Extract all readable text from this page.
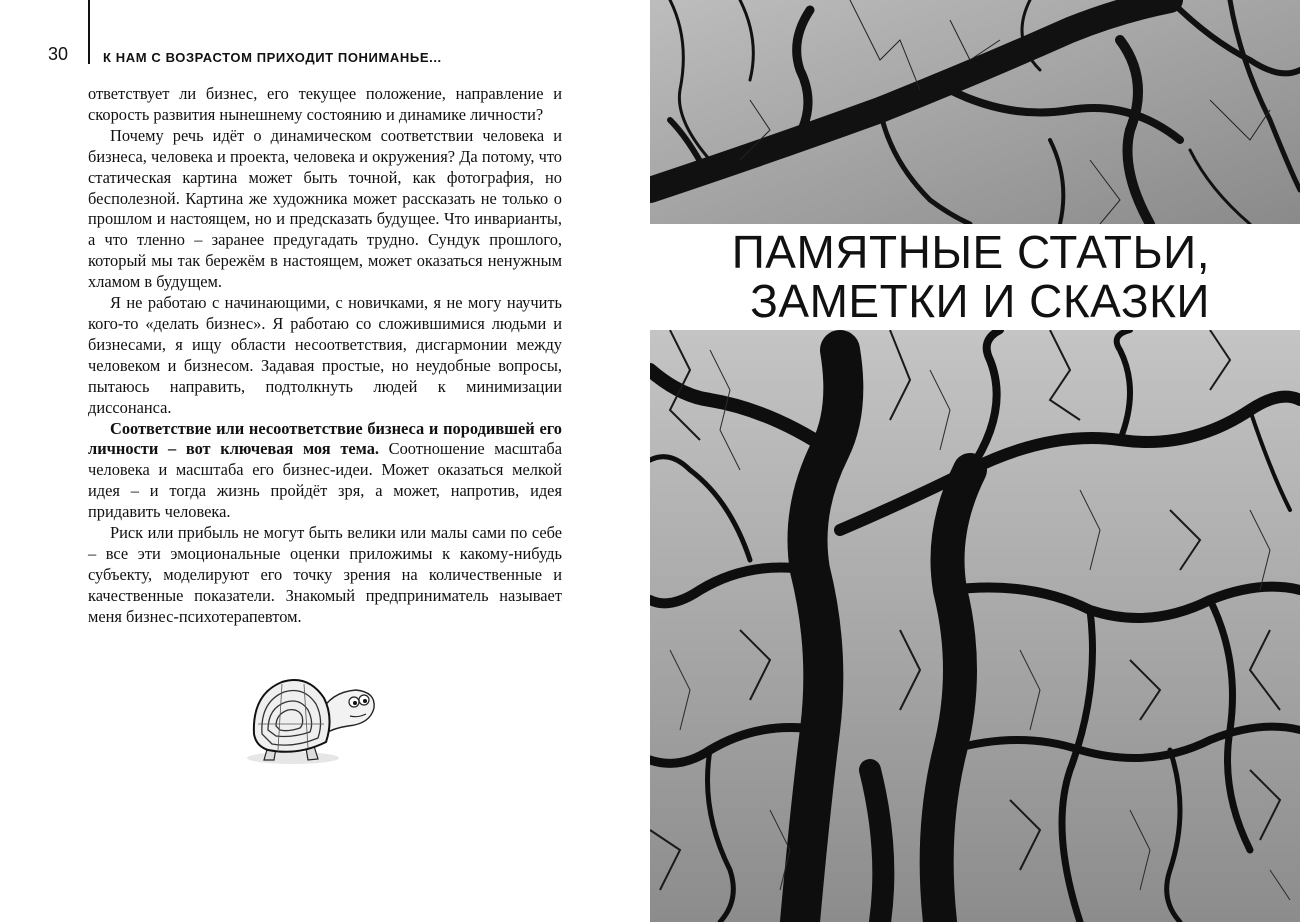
30	К НАМ С ВОЗРАСТОМ ПРИХОДИТ ПОНИМАНЬЕ...

ответствует ли бизнес, его текущее положение, направление и скорость развития нынешнему состоянию и динамике личности?

Почему речь идёт о динамическом соответствии человека и бизнеса, человека и проекта, человека и окружения? Да потому, что статическая картина может быть точной, как фотография, но бесполезной. Картина же художника может рассказать не только о прошлом и настоящем, но и предсказать будущее. Что инварианты, а что тленно – заранее предугадать трудно. Сундук прошлого, который мы так бережём в настоящем, может оказаться ненужным хламом в будущем.

Я не работаю с начинающими, с новичками, я не могу научить кого-то «делать бизнес». Я работаю со сложившимися людьми и бизнесами, я ищу области несоответствия, дисгармонии между человеком и бизнесом. Задавая простые, но неудобные вопросы, пытаюсь направить, подтолкнуть людей к минимизации диссонанса.

Соответствие или несоответствие бизнеса и породившей его личности – вот ключевая моя тема. Соотношение масштаба человека и масштаба его бизнес-идеи. Может оказаться мелкой идея – и тогда жизнь пройдёт зря, а может, напротив, идея придавить человека.

Риск или прибыль не могут быть велики или малы сами по себе – все эти эмоциональные оценки приложимы к какому-нибудь субъекту, моделируют его точку зрения на количественные и качественные показатели. Знакомый предприниматель называет меня бизнес-психотерапевтом.

ПАМЯТНЫЕ СТАТЬИ,
ЗАМЕТКИ И СКАЗКИ
